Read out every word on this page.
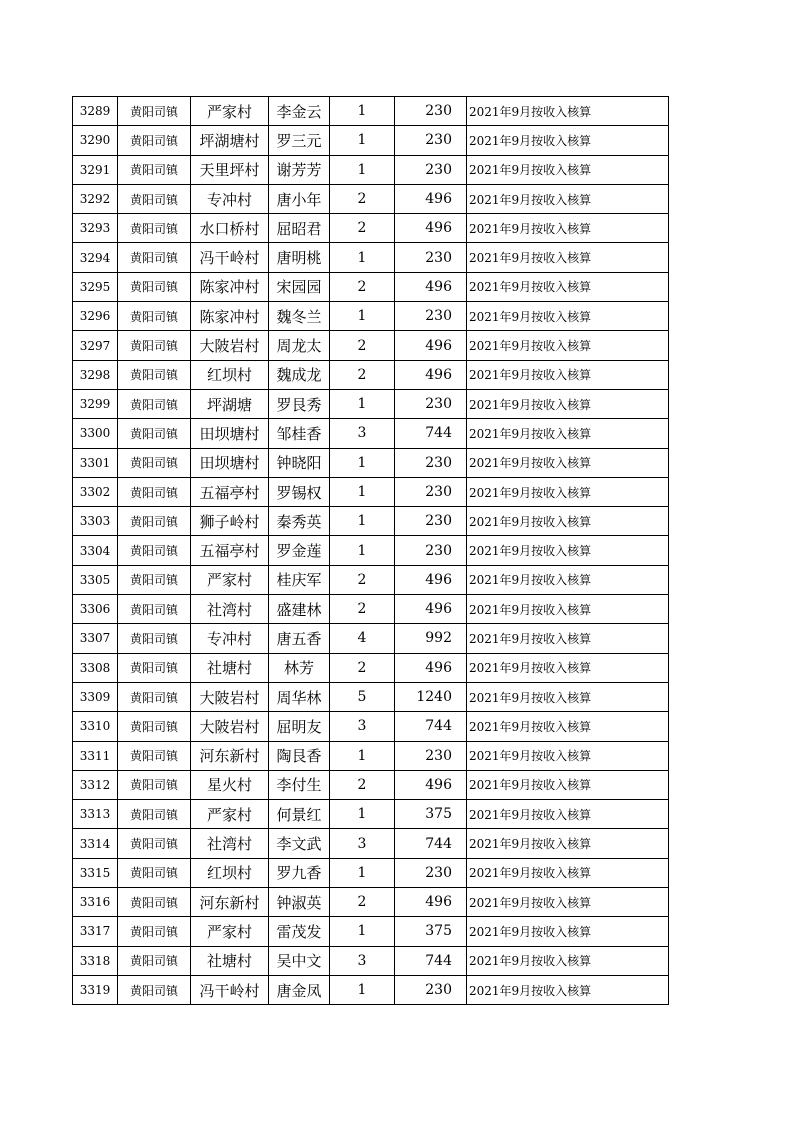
3289	黄阳司镇	严家村	李金云	1	230	2021年9月按收入核算
3290	黄阳司镇	坪湖塘村	罗三元	1	230	2021年9月按收入核算
3291	黄阳司镇	天里坪村	谢芳芳	1	230	2021年9月按收入核算
3292	黄阳司镇	专冲村	唐小年	2	496	2021年9月按收入核算
3293	黄阳司镇	水口桥村	屈昭君	2	496	2021年9月按收入核算
3294	黄阳司镇	冯干岭村	唐明桃	1	230	2021年9月按收入核算
3295	黄阳司镇	陈家冲村	宋园园	2	496	2021年9月按收入核算
3296	黄阳司镇	陈家冲村	魏冬兰	1	230	2021年9月按收入核算
3297	黄阳司镇	大陂岩村	周龙太	2	496	2021年9月按收入核算
3298	黄阳司镇	红坝村	魏成龙	2	496	2021年9月按收入核算
3299	黄阳司镇	坪湖塘	罗艮秀	1	230	2021年9月按收入核算
3300	黄阳司镇	田坝塘村	邹桂香	3	744	2021年9月按收入核算
3301	黄阳司镇	田坝塘村	钟晓阳	1	230	2021年9月按收入核算
3302	黄阳司镇	五福亭村	罗锡权	1	230	2021年9月按收入核算
3303	黄阳司镇	狮子岭村	秦秀英	1	230	2021年9月按收入核算
3304	黄阳司镇	五福亭村	罗金莲	1	230	2021年9月按收入核算
3305	黄阳司镇	严家村	桂庆军	2	496	2021年9月按收入核算
3306	黄阳司镇	社湾村	盛建林	2	496	2021年9月按收入核算
3307	黄阳司镇	专冲村	唐五香	4	992	2021年9月按收入核算
3308	黄阳司镇	社塘村	林芳	2	496	2021年9月按收入核算
3309	黄阳司镇	大陂岩村	周华林	5	1240	2021年9月按收入核算
3310	黄阳司镇	大陂岩村	屈明友	3	744	2021年9月按收入核算
3311	黄阳司镇	河东新村	陶艮香	1	230	2021年9月按收入核算
3312	黄阳司镇	星火村	李付生	2	496	2021年9月按收入核算
3313	黄阳司镇	严家村	何景红	1	375	2021年9月按收入核算
3314	黄阳司镇	社湾村	李文武	3	744	2021年9月按收入核算
3315	黄阳司镇	红坝村	罗九香	1	230	2021年9月按收入核算
3316	黄阳司镇	河东新村	钟淑英	2	496	2021年9月按收入核算
3317	黄阳司镇	严家村	雷茂发	1	375	2021年9月按收入核算
3318	黄阳司镇	社塘村	吴中文	3	744	2021年9月按收入核算
3319	黄阳司镇	冯干岭村	唐金凤	1	230	2021年9月按收入核算
